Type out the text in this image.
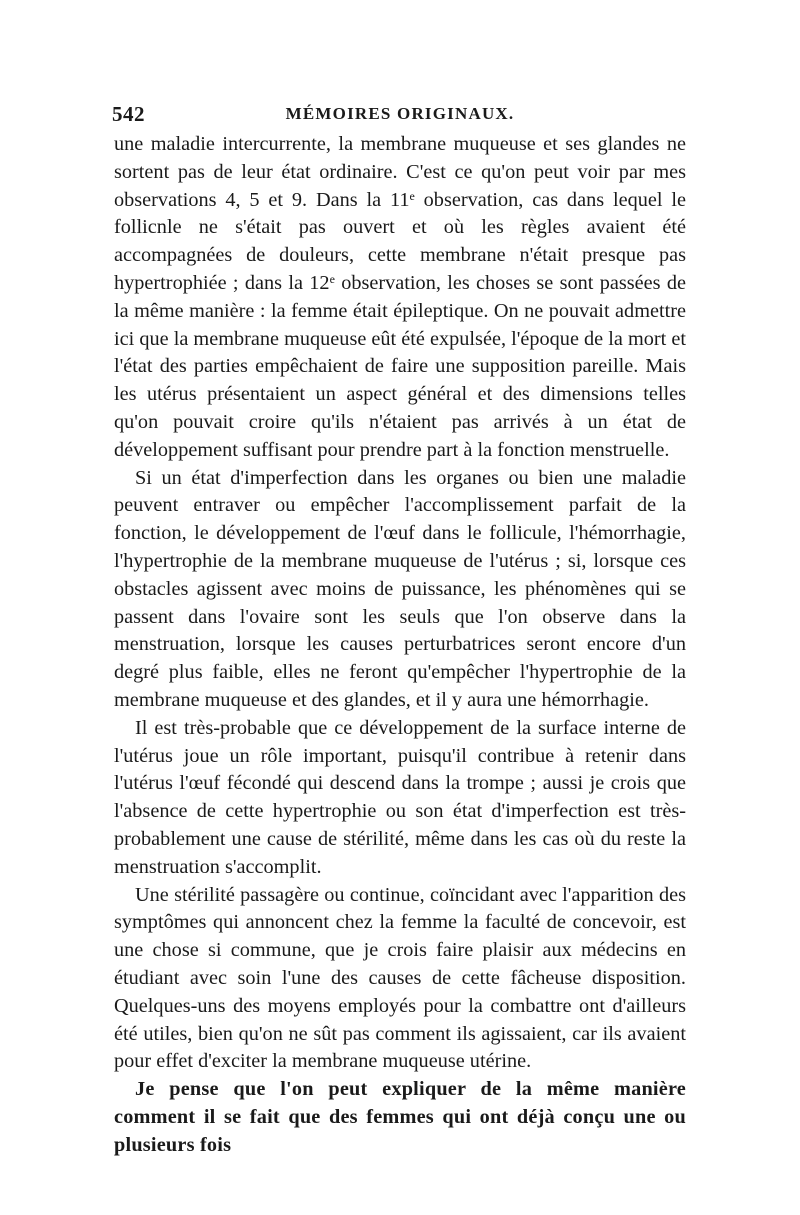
542	MÉMOIRES ORIGINAUX.

une maladie intercurrente, la membrane muqueuse et ses glandes ne sortent pas de leur état ordinaire. C'est ce qu'on peut voir par mes observations 4, 5 et 9. Dans la 11e observation, cas dans lequel le follicnle ne s'était pas ouvert et où les règles avaient été accompagnées de douleurs, cette membrane n'était presque pas hypertrophiée ; dans la 12e observation, les choses se sont passées de la même manière : la femme était épileptique. On ne pouvait admettre ici que la membrane muqueuse eût été expulsée, l'époque de la mort et l'état des parties empêchaient de faire une supposition pareille. Mais les utérus présentaient un aspect général et des dimensions telles qu'on pouvait croire qu'ils n'étaient pas arrivés à un état de développement suffisant pour prendre part à la fonction menstruelle.

Si un état d'imperfection dans les organes ou bien une maladie peuvent entraver ou empêcher l'accomplissement parfait de la fonction, le développement de l'œuf dans le follicule, l'hémorrhagie, l'hypertrophie de la membrane muqueuse de l'utérus ; si, lorsque ces obstacles agissent avec moins de puissance, les phénomènes qui se passent dans l'ovaire sont les seuls que l'on observe dans la menstruation, lorsque les causes perturbatrices seront encore d'un degré plus faible, elles ne feront qu'empêcher l'hypertrophie de la membrane muqueuse et des glandes, et il y aura une hémorrhagie.

Il est très-probable que ce développement de la surface interne de l'utérus joue un rôle important, puisqu'il contribue à retenir dans l'utérus l'œuf fécondé qui descend dans la trompe ; aussi je crois que l'absence de cette hypertrophie ou son état d'imperfection est très-probablement une cause de stérilité, même dans les cas où du reste la menstruation s'accomplit.

Une stérilité passagère ou continue, coïncidant avec l'apparition des symptômes qui annoncent chez la femme la faculté de concevoir, est une chose si commune, que je crois faire plaisir aux médecins en étudiant avec soin l'une des causes de cette fâcheuse disposition. Quelques-uns des moyens employés pour la combattre ont d'ailleurs été utiles, bien qu'on ne sût pas comment ils agissaient, car ils avaient pour effet d'exciter la membrane muqueuse utérine.

Je pense que l'on peut expliquer de la même manière comment il se fait que des femmes qui ont déjà conçu une ou plusieurs fois
